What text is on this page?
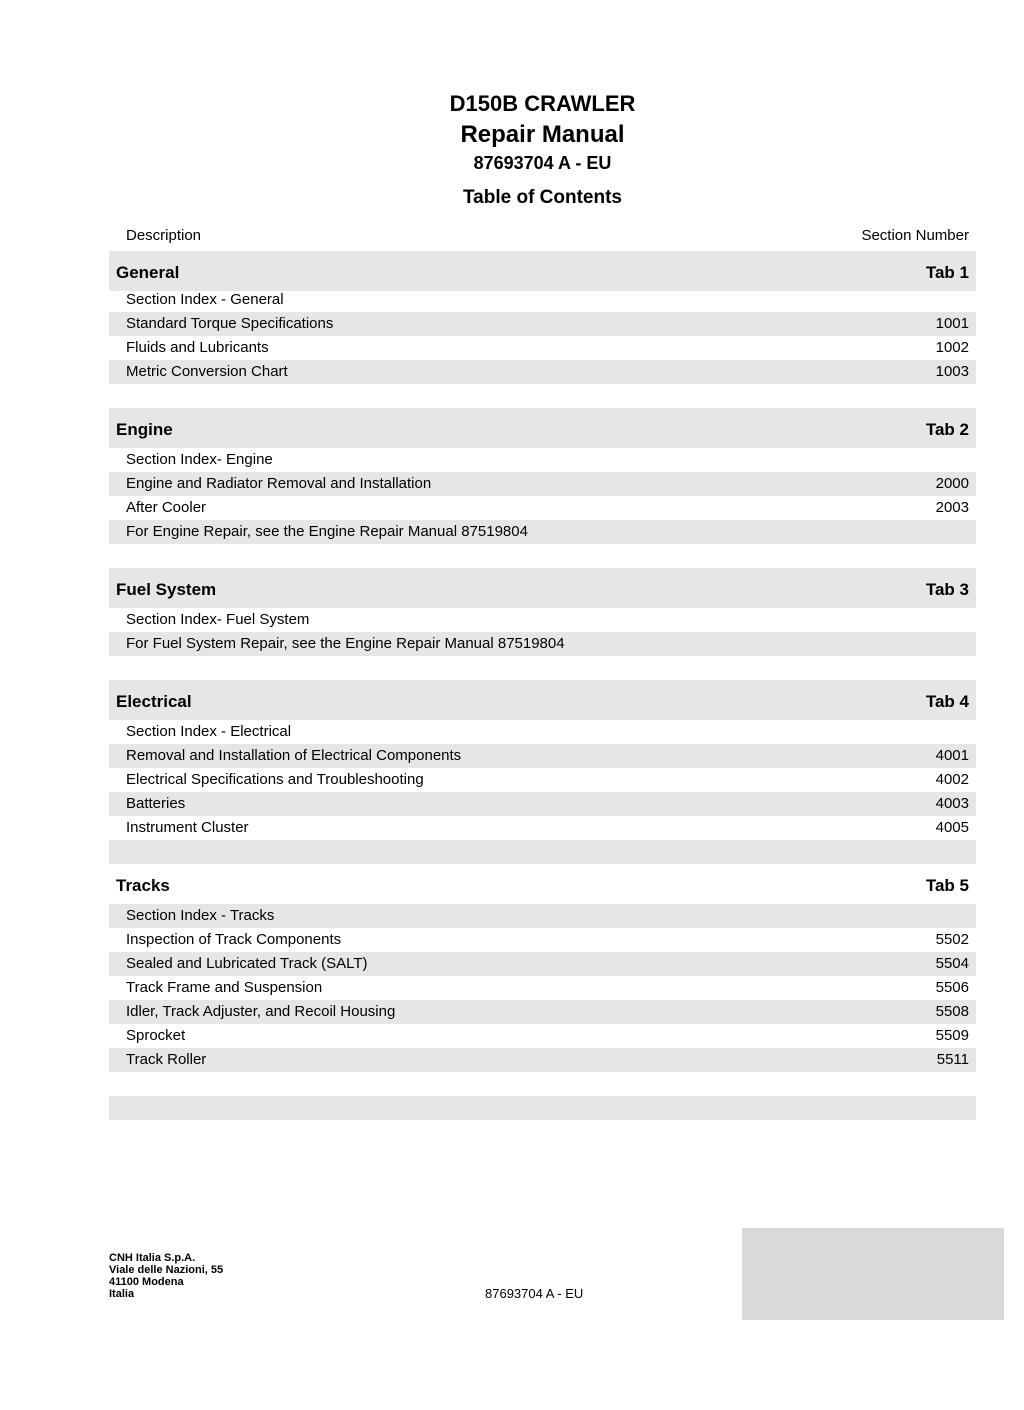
D150B CRAWLER
Repair Manual
87693704 A - EU
Table of Contents
Description	Section Number
General	Tab 1
Section Index - General
Standard Torque Specifications	1001
Fluids and Lubricants	1002
Metric Conversion Chart	1003
Engine	Tab 2
Section Index- Engine
Engine and Radiator Removal and Installation	2000
After Cooler	2003
For Engine Repair, see the Engine Repair Manual 87519804
Fuel System	Tab 3
Section Index- Fuel System
For Fuel System Repair, see the Engine Repair Manual 87519804
Electrical	Tab 4
Section Index - Electrical
Removal and Installation of Electrical Components	4001
Electrical Specifications and Troubleshooting	4002
Batteries	4003
Instrument Cluster	4005
Tracks	Tab 5
Section Index - Tracks
Inspection of Track Components	5502
Sealed and Lubricated Track (SALT)	5504
Track Frame and Suspension	5506
Idler, Track Adjuster, and Recoil Housing	5508
Sprocket	5509
Track Roller	5511
CNH Italia S.p.A.
Viale delle Nazioni, 55
41100 Modena
Italia	87693704 A - EU
